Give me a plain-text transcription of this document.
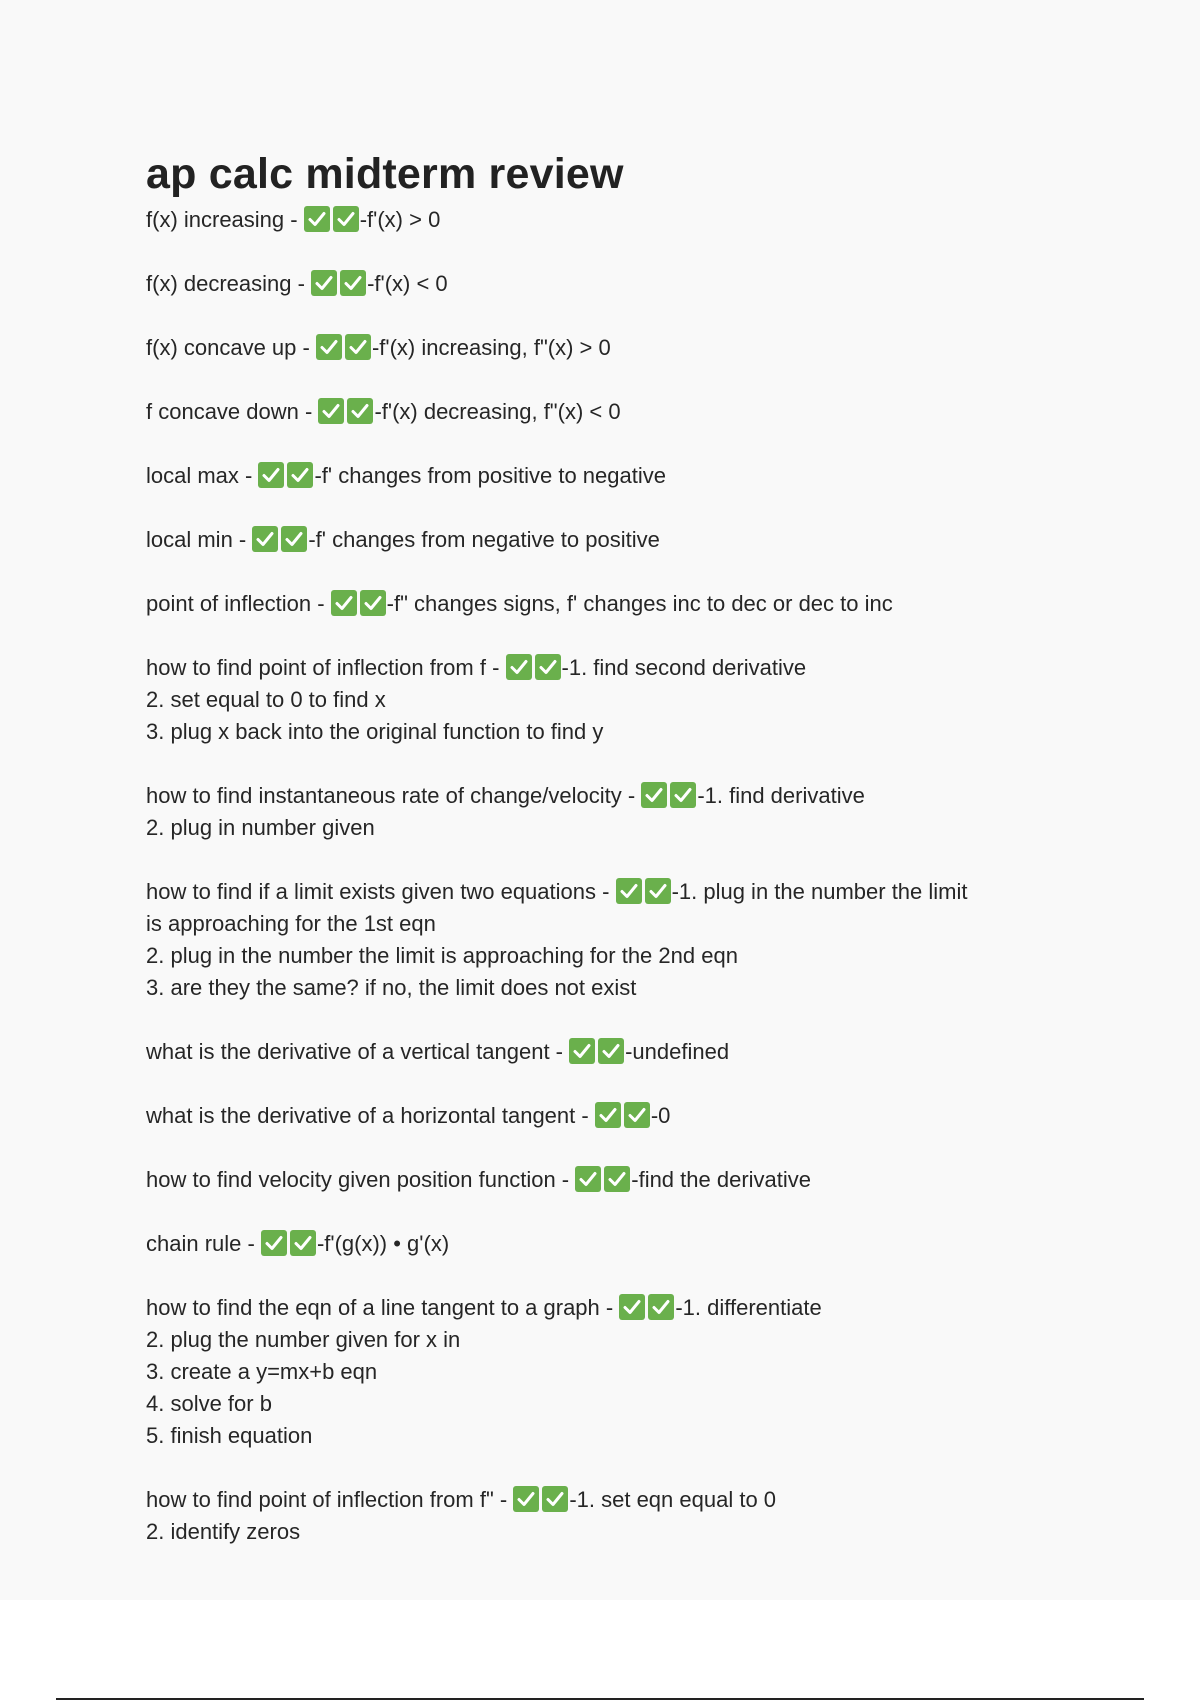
ap calc midterm review
f(x) increasing -	-f'(x) > 0
f(x) decreasing -	-f'(x) < 0
f(x) concave up -	-f'(x) increasing, f"(x) > 0
f concave down -	-f'(x) decreasing, f"(x) < 0
local max -	-f' changes from positive to negative
local min -	-f' changes from negative to positive
point of inflection -	-f" changes signs, f' changes inc to dec or dec to inc
how to find point of inflection from f -	-1. find second derivative
2. set equal to 0 to find x
3. plug x back into the original function to find y
how to find instantaneous rate of change/velocity -	-1. find derivative
2. plug in number given
how to find if a limit exists given two equations -	-1. plug in the number the limit
is approaching for the 1st eqn
2. plug in the number the limit is approaching for the 2nd eqn
3. are they the same? if no, the limit does not exist
what is the derivative of a vertical tangent -	-undefined
what is the derivative of a horizontal tangent -	-0
how to find velocity given position function -	-find the derivative
chain rule -	-f'(g(x)) • g'(x)
how to find the eqn of a line tangent to a graph -	-1. differentiate
2. plug the number given for x in
3. create a y=mx+b eqn
4. solve for b
5. finish equation
how to find point of inflection from f" -	-1. set eqn equal to 0
2. identify zeros
